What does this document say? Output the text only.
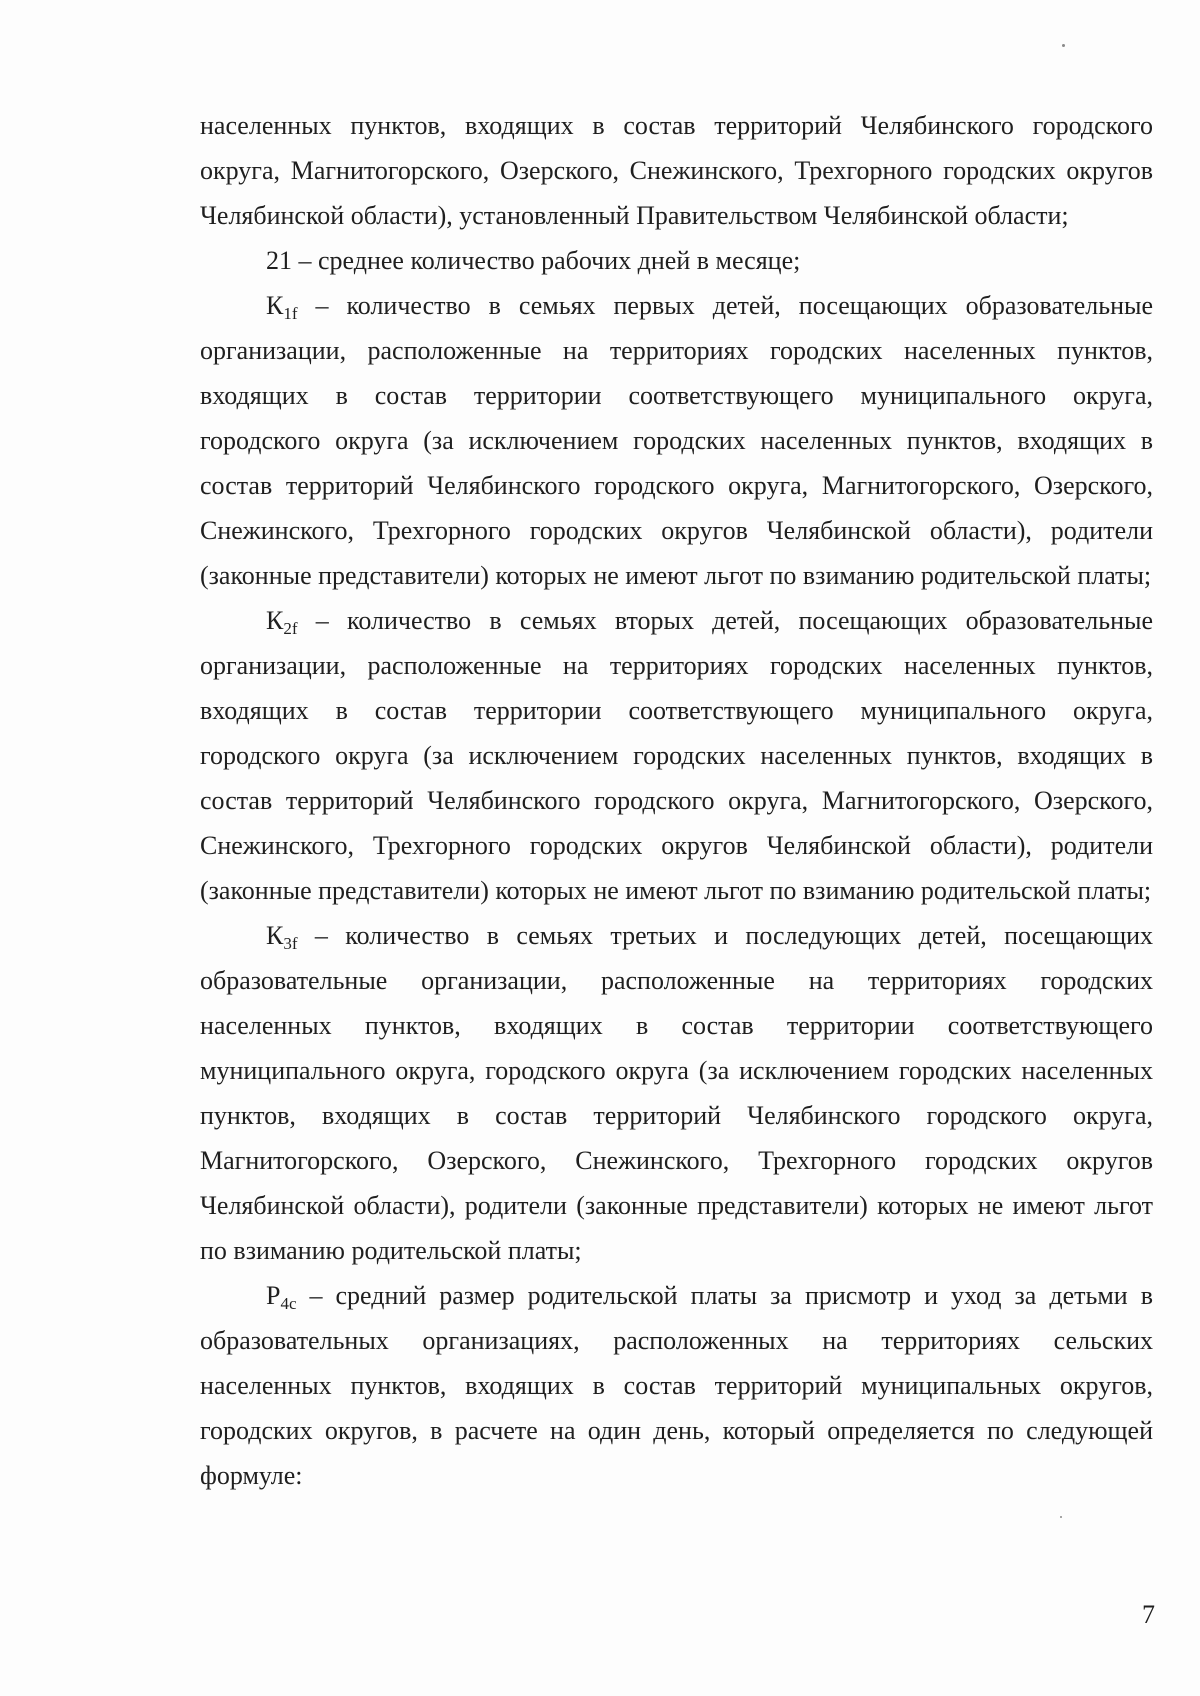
населенных пунктов, входящих в состав территорий Челябинского городского округа, Магнитогорского, Озерского, Снежинского, Трехгорного городских округов Челябинской области), установленный Правительством Челябинской области;

21 – среднее количество рабочих дней в месяце;

$К_{1f}$ – количество в семьях первых детей, посещающих образовательные организации, расположенные на территориях городских населенных пунктов, входящих в состав территории соответствующего муниципального округа, городского округа (за исключением городских населенных пунктов, входящих в состав территорий Челябинского городского округа, Магнитогорского, Озерского, Снежинского, Трехгорного городских округов Челябинской области), родители (законные представители) которых не имеют льгот по взиманию родительской платы;

$К_{2f}$ – количество в семьях вторых детей, посещающих образовательные организации, расположенные на территориях городских населенных пунктов, входящих в состав территории соответствующего муниципального округа, городского округа (за исключением городских населенных пунктов, входящих в состав территорий Челябинского городского округа, Магнитогорского, Озерского, Снежинского, Трехгорного городских округов Челябинской области), родители (законные представители) которых не имеют льгот по взиманию родительской платы;

$К_{3f}$ – количество в семьях третьих и последующих детей, посещающих образовательные организации, расположенные на территориях городских населенных пунктов, входящих в состав территории соответствующего муниципального округа, городского округа (за исключением городских населенных пунктов, входящих в состав территорий Челябинского городского округа, Магнитогорского, Озерского, Снежинского, Трехгорного городских округов Челябинской области), родители (законные представители) которых не имеют льгот по взиманию родительской платы;

$Р_{4с}$ – средний размер родительской платы за присмотр и уход за детьми в образовательных организациях, расположенных на территориях сельских населенных пунктов, входящих в состав территорий муниципальных округов, городских округов, в расчете на один день, который определяется по следующей формуле:

7
